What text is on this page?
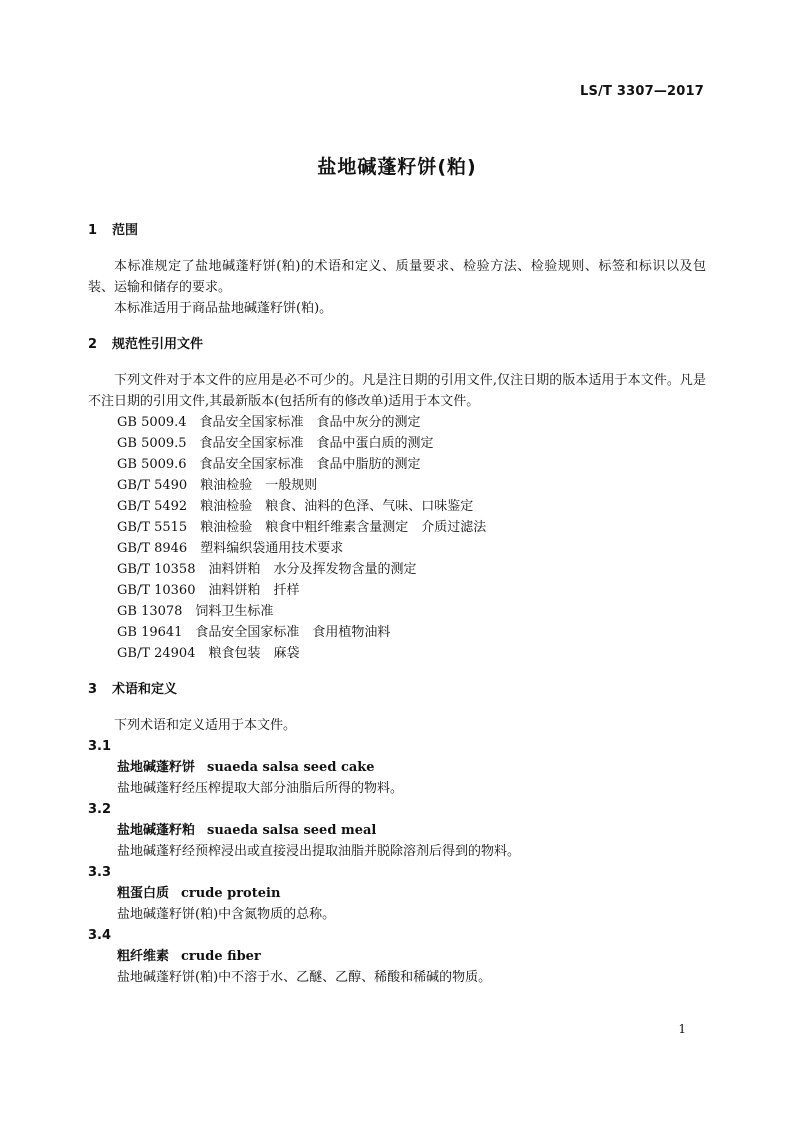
LS/T 3307—2017
盐地碱蓬籽饼(粕)
1 范围
本标准规定了盐地碱蓬籽饼(粕)的术语和定义、质量要求、检验方法、检验规则、标签和标识以及包装、运输和储存的要求。
本标准适用于商品盐地碱蓬籽饼(粕)。
2 规范性引用文件
下列文件对于本文件的应用是必不可少的。凡是注日期的引用文件,仅注日期的版本适用于本文件。凡是不注日期的引用文件,其最新版本(包括所有的修改单)适用于本文件。
GB 5009.4　食品安全国家标准　食品中灰分的测定
GB 5009.5　食品安全国家标准　食品中蛋白质的测定
GB 5009.6　食品安全国家标准　食品中脂肪的测定
GB/T 5490　粮油检验　一般规则
GB/T 5492　粮油检验　粮食、油料的色泽、气味、口味鉴定
GB/T 5515　粮油检验　粮食中粗纤维素含量测定　介质过滤法
GB/T 8946　塑料编织袋通用技术要求
GB/T 10358　油料饼粕　水分及挥发物含量的测定
GB/T 10360　油料饼粕　扦样
GB 13078　饲料卫生标准
GB 19641　食品安全国家标准　食用植物油料
GB/T 24904　粮食包装　麻袋
3 术语和定义
下列术语和定义适用于本文件。
3.1
盐地碱蓬籽饼 suaeda salsa seed cake
盐地碱蓬籽经压榨提取大部分油脂后所得的物料。
3.2
盐地碱蓬籽粕 suaeda salsa seed meal
盐地碱蓬籽经预榨浸出或直接浸出提取油脂并脱除溶剂后得到的物料。
3.3
粗蛋白质 crude protein
盐地碱蓬籽饼(粕)中含氮物质的总称。
3.4
粗纤维素 crude fiber
盐地碱蓬籽饼(粕)中不溶于水、乙醚、乙醇、稀酸和稀碱的物质。
1
